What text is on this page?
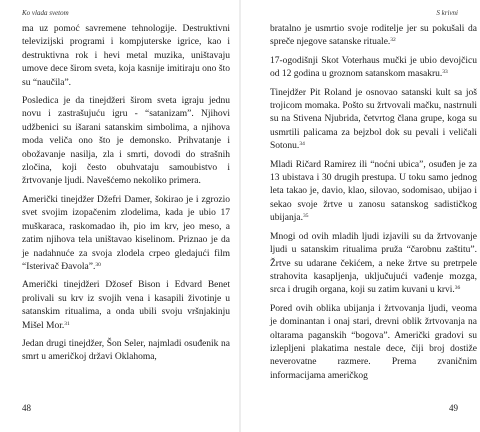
Ko vlada svetom

ma uz pomoć savremene tehnologije. Destruktivni televizijski programi i kompjuterske igrice, kao i destruktivna rok i hevi metal muzika, uništavaju umove dece širom sveta, koja kasnije imitiraju ono što su “naučila”.

Posledica je da tinejdžeri širom sveta igraju jednu novu i zastrašujuću igru - “satanizam”. Njihovi udžbenici su išarani satanskim simbolima, a njihova moda veliča ono što je demonsko. Prihvatanje i obožavanje nasilja, zla i smrti, dovodi do strašnih zločina, koji često obuhvataju samoubistvo i žrtvovanje ljudi. Navešćemo nekoliko primera.

Američki tinejdžer Džefri Damer, šokirao je i zgrozio svet svojim izopačenim zlodelima, kada je ubio 17 muškaraca, raskomadao ih, pio im krv, jeo meso, a zatim njihova tela uništavao kiselinom. Priznao je da je nadahnuće za svoja zlodela crpeo gledajući film “Isterivač Đavola”.$^{30}$

Američki tinejdžeri Džosef Bison i Edvard Benet prolivali su krv iz svojih vena i kasapili životinje u satanskim ritualima, a onda ubili svoju vršnjakinju Mišel Mor.$^{31}$

Jedan drugi tinejdžer, Šon Seler, najmladi osuđenik na smrt u američkoj državi Oklahoma,

48
S krivni

bratalno je usmrtio svoje roditelje jer su pokušali da spreče njegove satanske rituale.$^{32}$

17-ogodišnji Skot Voterhaus mučki je ubio devojčicu od 12 godina u groznom satanskom masakru.$^{33}$

Tinejdžer Pit Roland je osnovao satanski kult sa još trojicom momaka. Pošto su žrtvovali mačku, nastrnuli su na Stivena Njubrida, četvrtog člana grupe, koga su usmrtili palicama za bejzbol dok su pevali i veličali Sotonu.$^{34}$

Mladi Ričard Ramirez ili “noćni ubica”, osuđen je za 13 ubistava i 30 drugih prestupa. U toku samo jednog leta takao je, davio, klao, silovao, sodomisao, ubijao i sekao svoje žrtve u zanosu satanskog sadističkog ubijanja.$^{35}$

Mnogi od ovih mladih ljudi izjavili su da žrtvovanje ljudi u satanskim ritualima pruža “čarobnu zaštitu”. Žrtve su udarane čekićem, a neke žrtve su pretrpele strahovita kasapljenja, uključujući vađenje mozga, srca i drugih organa, koji su zatim kuvani u krvi.$^{36}$

Pored ovih oblika ubijanja i žrtvovanja ljudi, veoma je dominantan i onaj stari, drevni oblik žrtvovanja na oltarama paganskih “bogova”. Američki gradovi su izlepljeni plakatima nestale dece, čiji broj dostiže neverovatne razmere. Prema zvaničnim informacijama američkog

49
